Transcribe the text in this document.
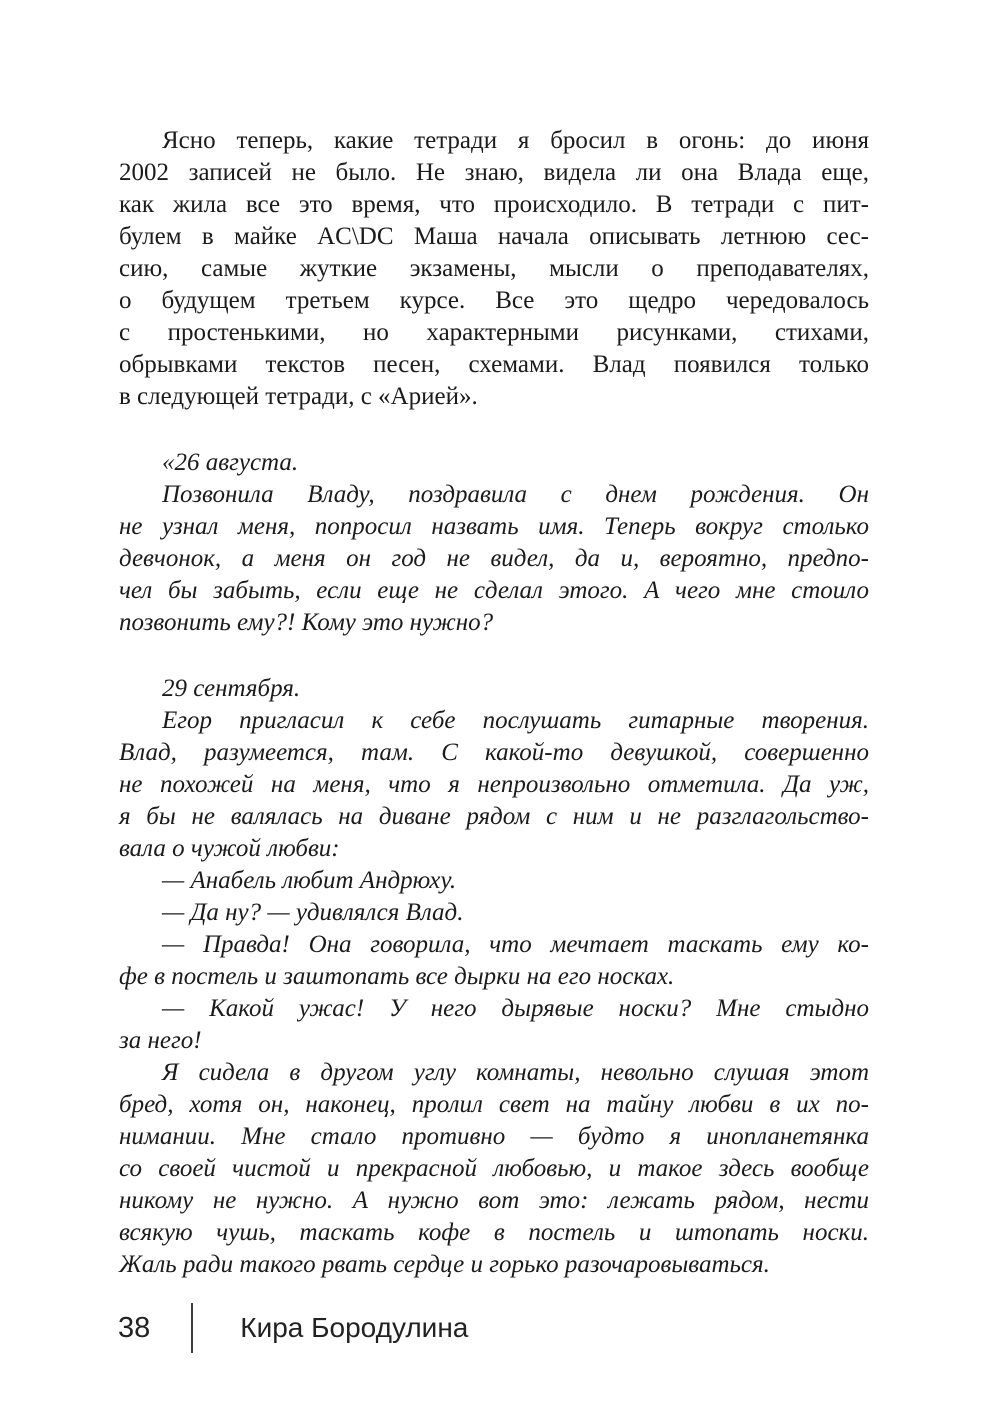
Ясно теперь, какие тетради я бросил в огонь: до июня
2002 записей не было. Не знаю, видела ли она Влада еще,
как жила все это время, что происходило. В тетради с пит-
булем в майке AC\DC Маша начала описывать летнюю сес-
сию, самые жуткие экзамены, мысли о преподавателях,
о будущем третьем курсе. Все это щедро чередовалось
с простенькими, но характерными рисунками, стихами,
обрывками текстов песен, схемами. Влад появился только
в следующей тетради, с «Арией».
«26 августа.
Позвонила Владу, поздравила с днем рождения. Он
не узнал меня, попросил назвать имя. Теперь вокруг столько
девчонок, а меня он год не видел, да и, вероятно, предпо-
чел бы забыть, если еще не сделал этого. А чего мне стоило
позвонить ему?! Кому это нужно?
29 сентября.
Егор пригласил к себе послушать гитарные творения.
Влад, разумеется, там. С какой-то девушкой, совершенно
не похожей на меня, что я непроизвольно отметила. Да уж,
я бы не валялась на диване рядом с ним и не разглагольство-
вала о чужой любви:
— Анабель любит Андрюху.
— Да ну? — удивлялся Влад.
— Правда! Она говорила, что мечтает таскать ему ко-
фе в постель и заштопать все дырки на его носках.
— Какой ужас! У него дырявые носки? Мне стыдно
за него!
Я сидела в другом углу комнаты, невольно слушая этот
бред, хотя он, наконец, пролил свет на тайну любви в их по-
нимании. Мне стало противно — будто я инопланетянка
со своей чистой и прекрасной любовью, и такое здесь вообще
никому не нужно. А нужно вот это: лежать рядом, нести
всякую чушь, таскать кофе в постель и штопать носки.
Жаль ради такого рвать сердце и горько разочаровываться.
38	Кира Бородулина
